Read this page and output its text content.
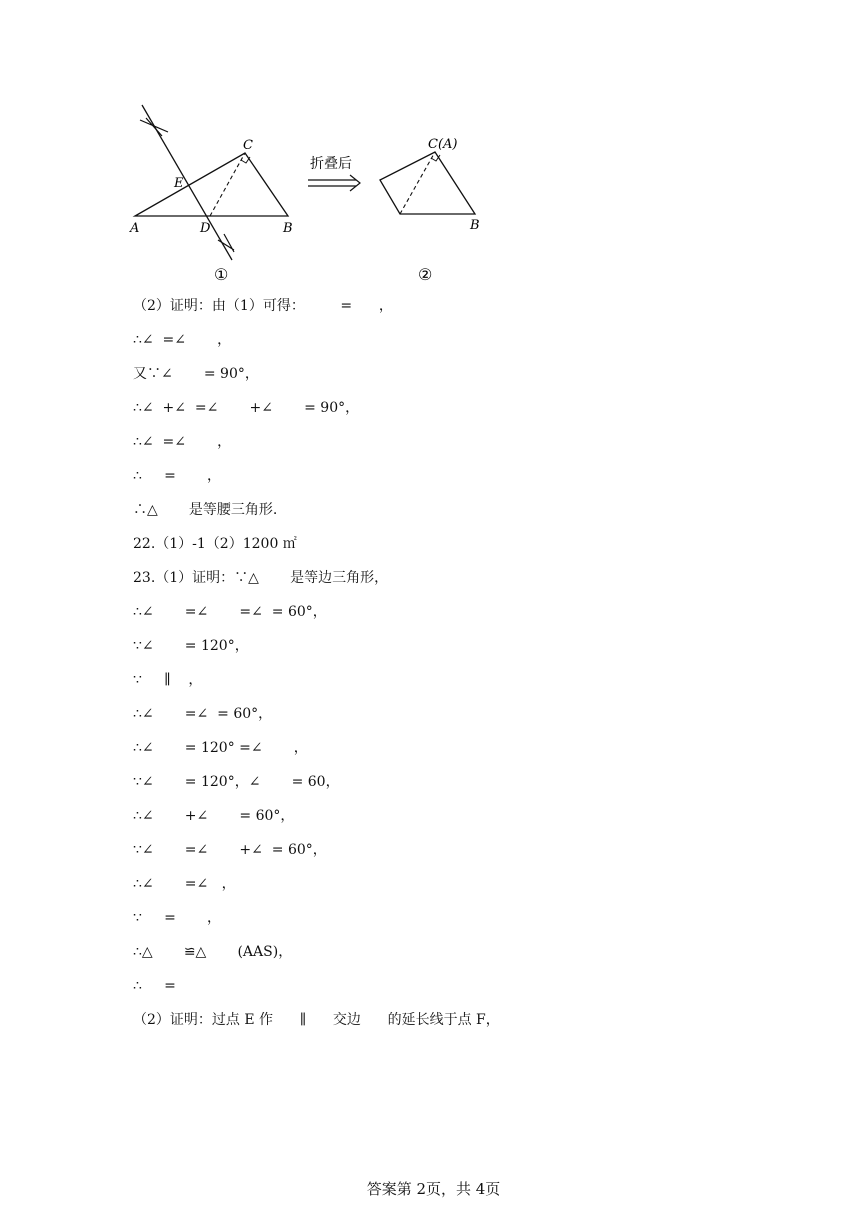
A	B
C
D
E
①
折叠后
C(A)
B
②
（2）证明：由（1）可得：        =      ，
∴∠  =∠       ，
又∵∠       = 90°，
∴∠  +∠  =∠       +∠       = 90°，
∴∠  =∠       ，
∴     =       ，
∴△       是等腰三角形.
22.（1）-1（2）1200 ㎡
23.（1）证明：∵△       是等边三角形，
∴∠       =∠       =∠  = 60°，
∵∠       = 120°，
∵     ∥    ，
∴∠       =∠  = 60°，
∴∠       = 120° =∠       ，
∵∠       = 120°，∠       = 60，
∴∠       +∠       = 60°，
∵∠       =∠       +∠  = 60°，
∴∠       =∠   ，
∵     =       ，
∴△       ≌△       (AAS)，
∴     =
（2）证明：过点 E 作      ∥      交边      的延长线于点 F，
答案第 2页，共 4页
